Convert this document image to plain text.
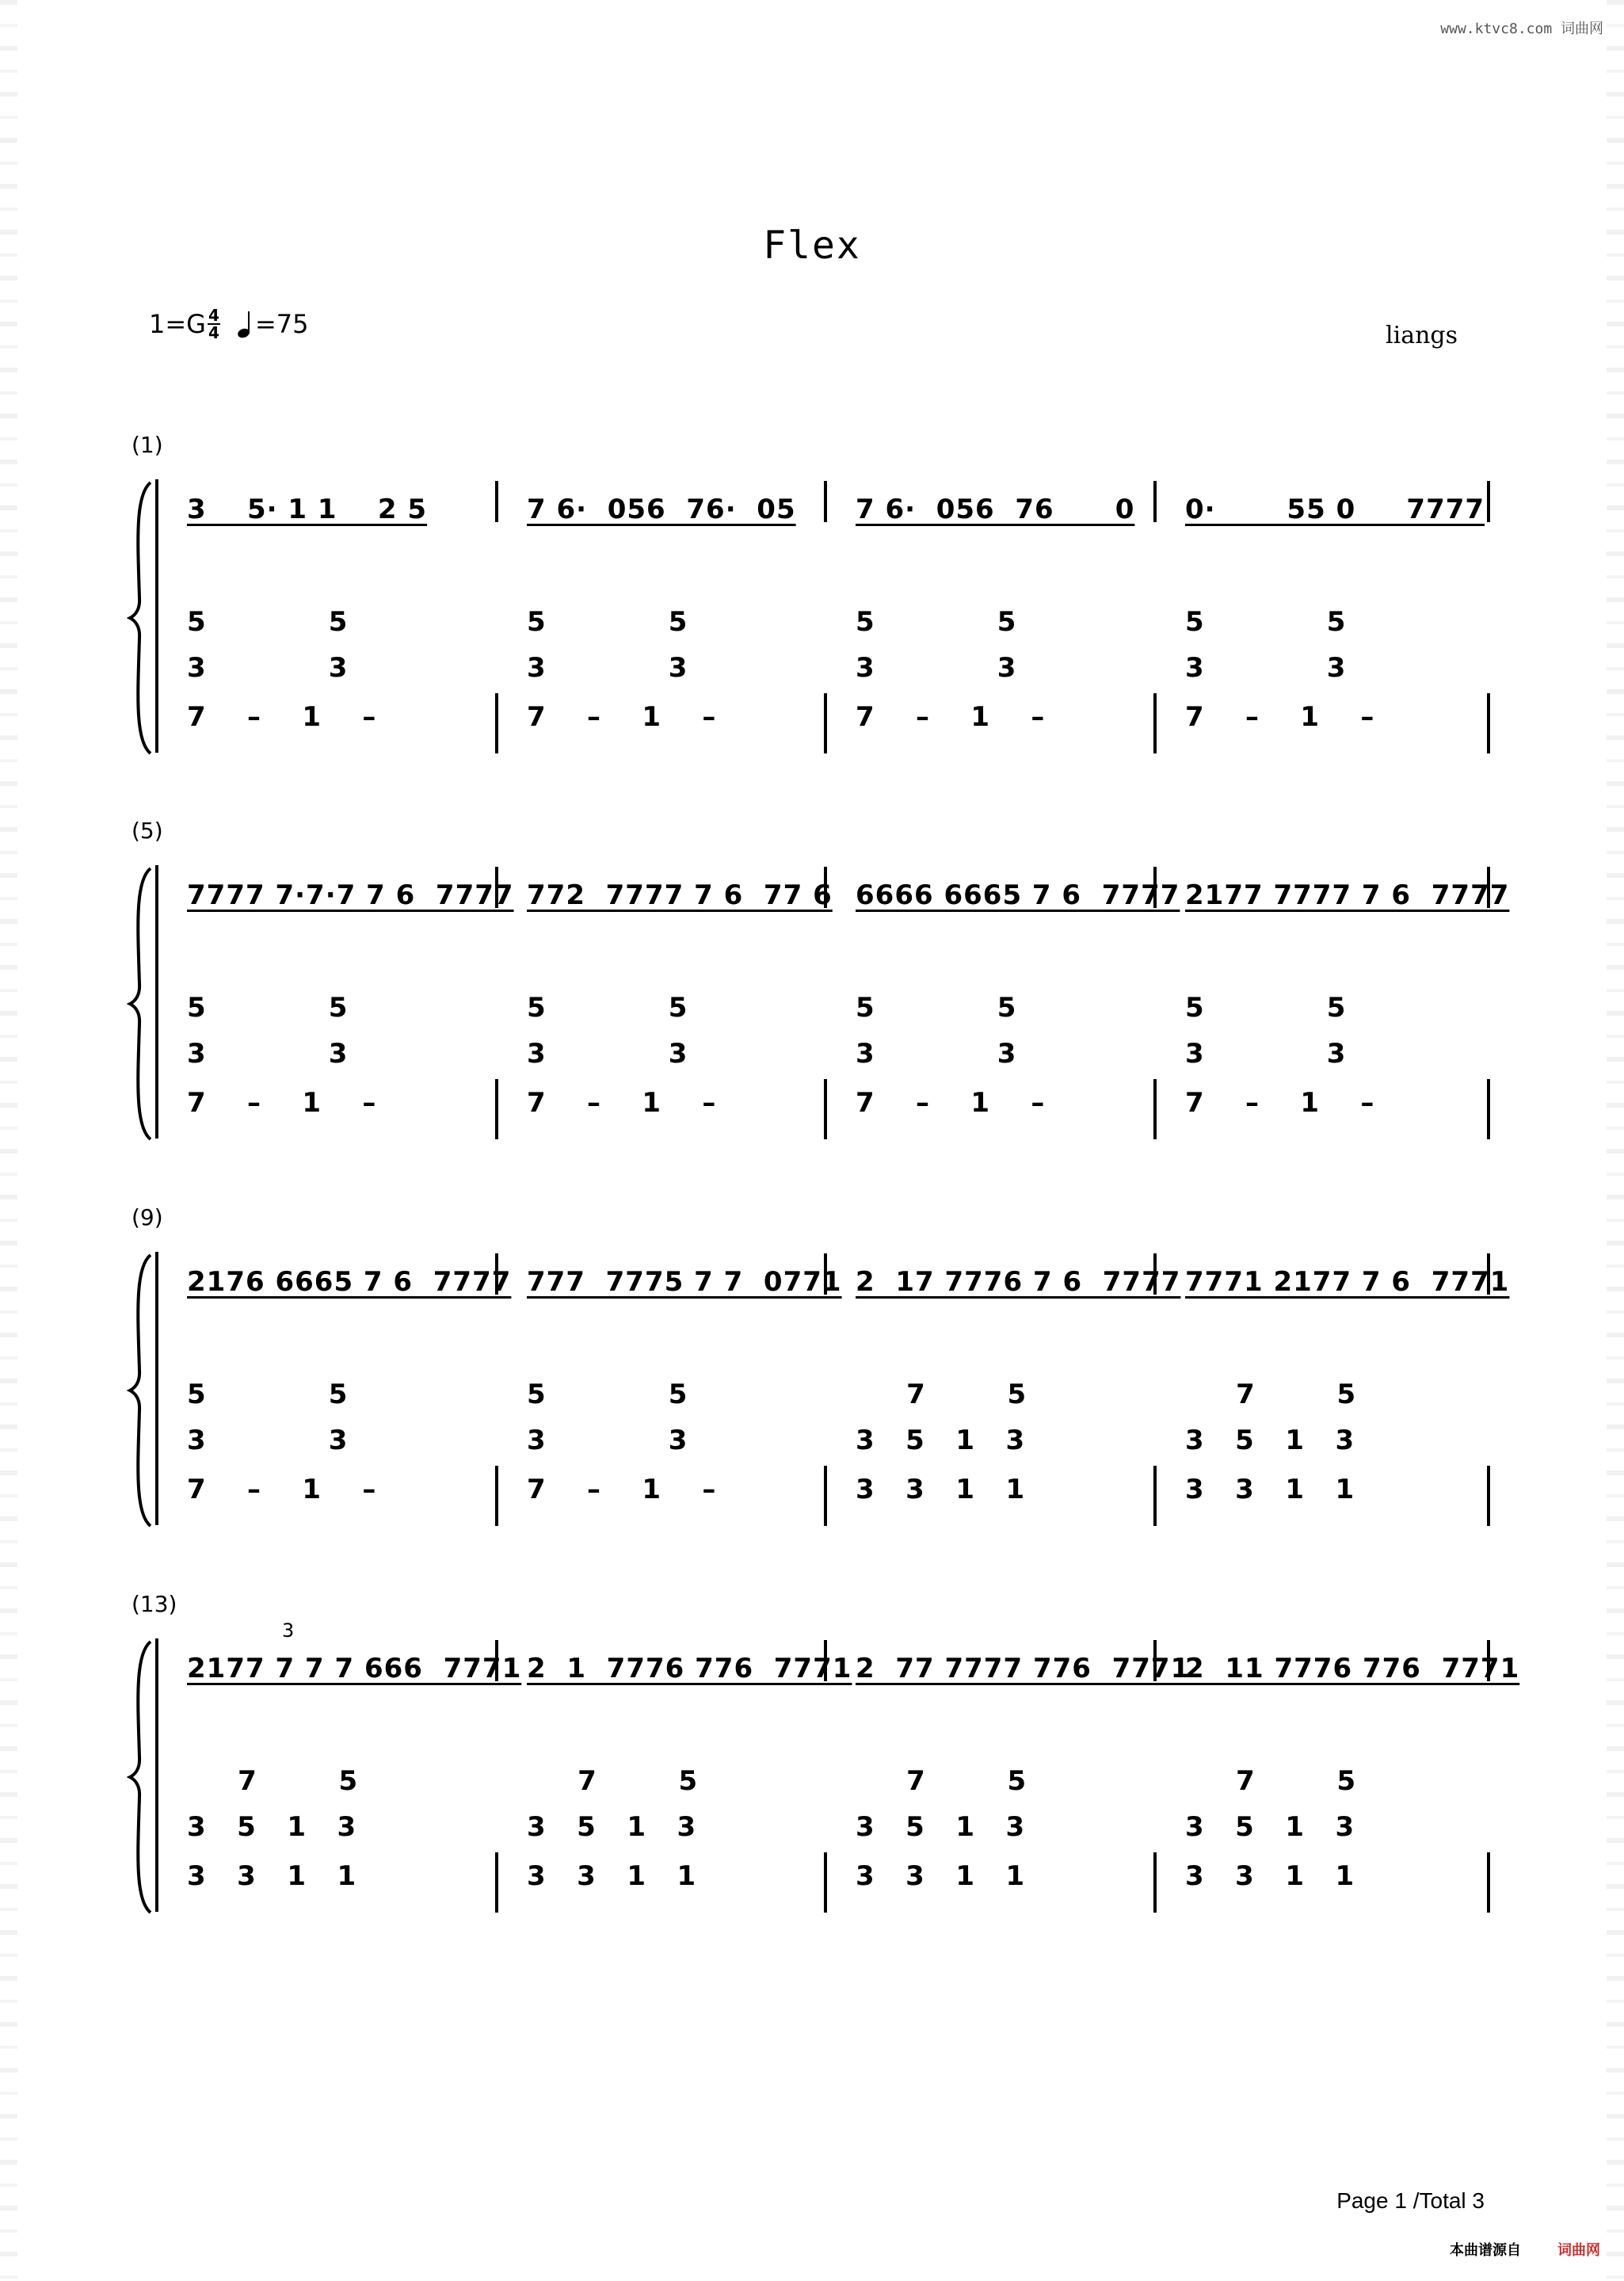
www.ktvc8.com 词曲网
Flex
1=G 4
4 =75	liangs
(1)
3    5· 1 1    2 5
5            5
3            3
7    –    1    –
7 6·  056  76·  05
5            5
3            3
7    –    1    –
7 6·  056  76      0
5            5
3            3
7    –    1    –
0·       55 0     7777
5            5
3            3
7    –    1    –
(5)
7777 7·7·7 7 6  7777
5            5
3            3
7    –    1    –
772  7777 7 6  77 6
5            5
3            3
7    –    1    –
6666 6665 7 6  7777
5            5
3            3
7    –    1    –
2177 7777 7 6  7777
5            5
3            3
7    –    1    –
(9)
2176 6665 7 6  7777
5            5
3            3
7    –    1    –
777  7775 7 7  0771
5            5
3            3
7    –    1    –
2  17 7776 7 6  7777
7        5
3   5   1   3
3   3   1   1
7771 2177 7 6  7771
7        5
3   5   1   3
3   3   1   1
(13)
2177 7 7 7 666  7771
7        5
3   5   1   3
3   3   1   1
2  1  7776 776  7771
7        5
3   5   1   3
3   3   1   1
2  77 7777 776  7771
7        5
3   5   1   3
3   3   1   1
2  11 7776 776  7771
7        5
3   5   1   3
3   3   1   1
3
Page 1 /Total 3
本曲谱源自	词曲网
